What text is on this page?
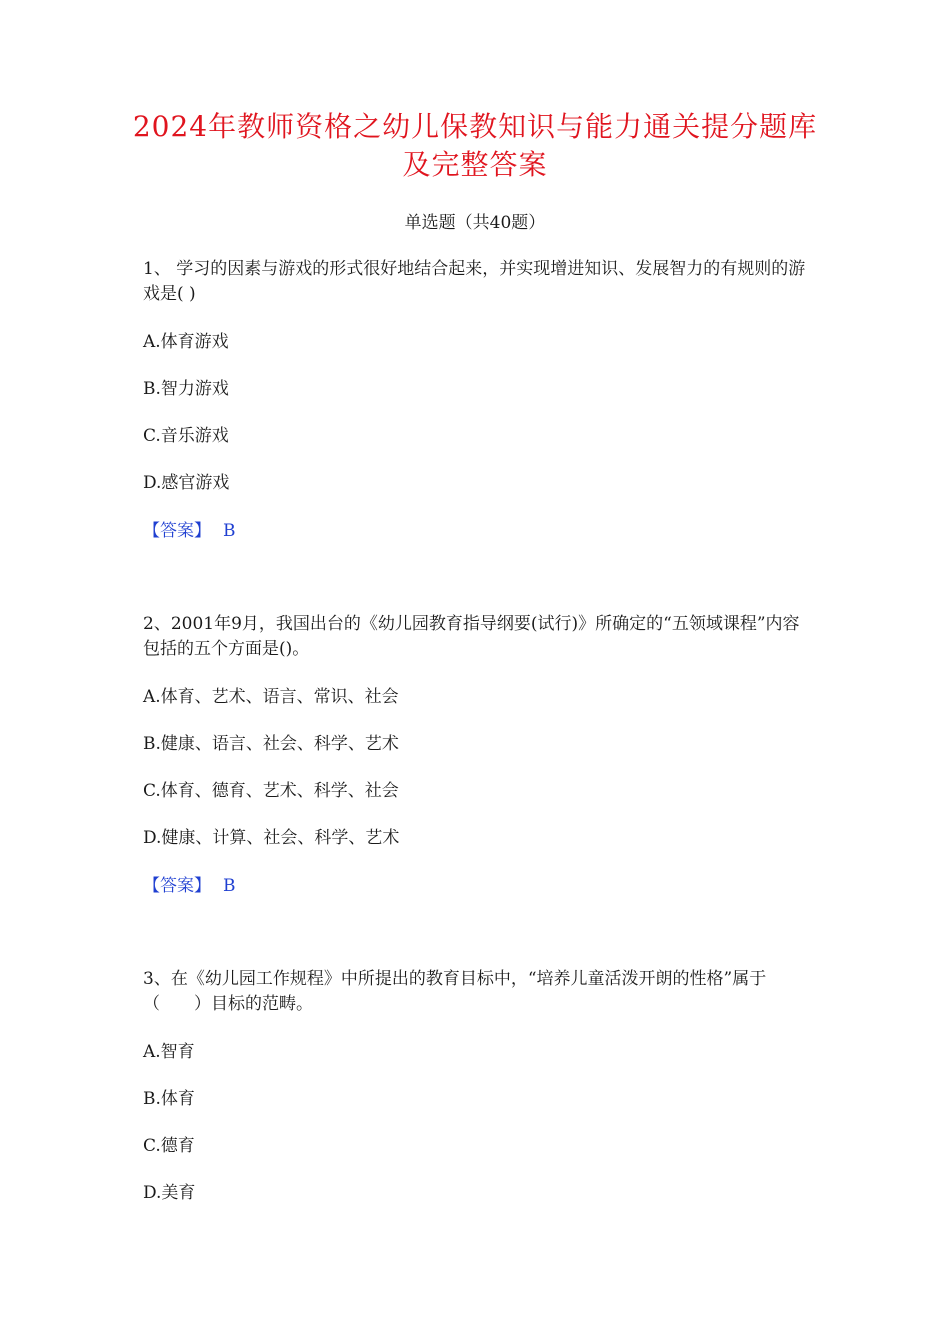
2024年教师资格之幼儿保教知识与能力通关提分题库及完整答案
单选题（共40题）

1、 学习的因素与游戏的形式很好地结合起来，并实现增进知识、发展智力的有规则的游戏是( )

A.体育游戏

B.智力游戏

C.音乐游戏

D.感官游戏

【答案】 B

2、2001年9月，我国出台的《幼儿园教育指导纲要(试行)》所确定的“五领域课程”内容包括的五个方面是()。

A.体育、艺术、语言、常识、社会

B.健康、语言、社会、科学、艺术

C.体育、德育、艺术、科学、社会

D.健康、计算、社会、科学、艺术

【答案】 B

3、在《幼儿园工作规程》中所提出的教育目标中，“培养儿童活泼开朗的性格”属于（　　）目标的范畴。

A.智育

B.体育

C.德育

D.美育
